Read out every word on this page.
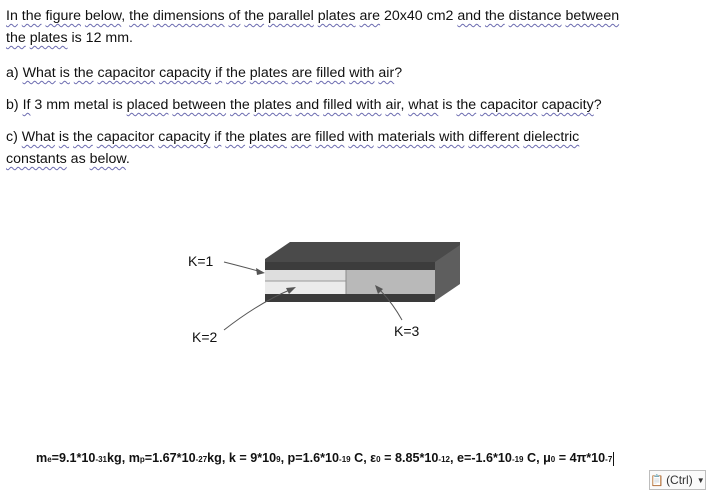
In the figure below, the dimensions of the parallel plates are 20x40 cm2 and the distance between
the plates is 12 mm.
a) What is the capacitor capacity if the plates are filled with air?
b) If 3 mm metal is placed between the plates and filled with air, what is the capacitor capacity?
c) What is the capacitor capacity if the plates are filled with materials with different dielectric
constants as below.
K=1
K=2	K=3
me=9.1*10-31kg, mp=1.67*10-27kg, k = 9*109, p=1.6*10-19 C, ε0 = 8.85*10-12, e=-1.6*10-19 C, μ0 = 4π*10-7
📋 (Ctrl) ▼
